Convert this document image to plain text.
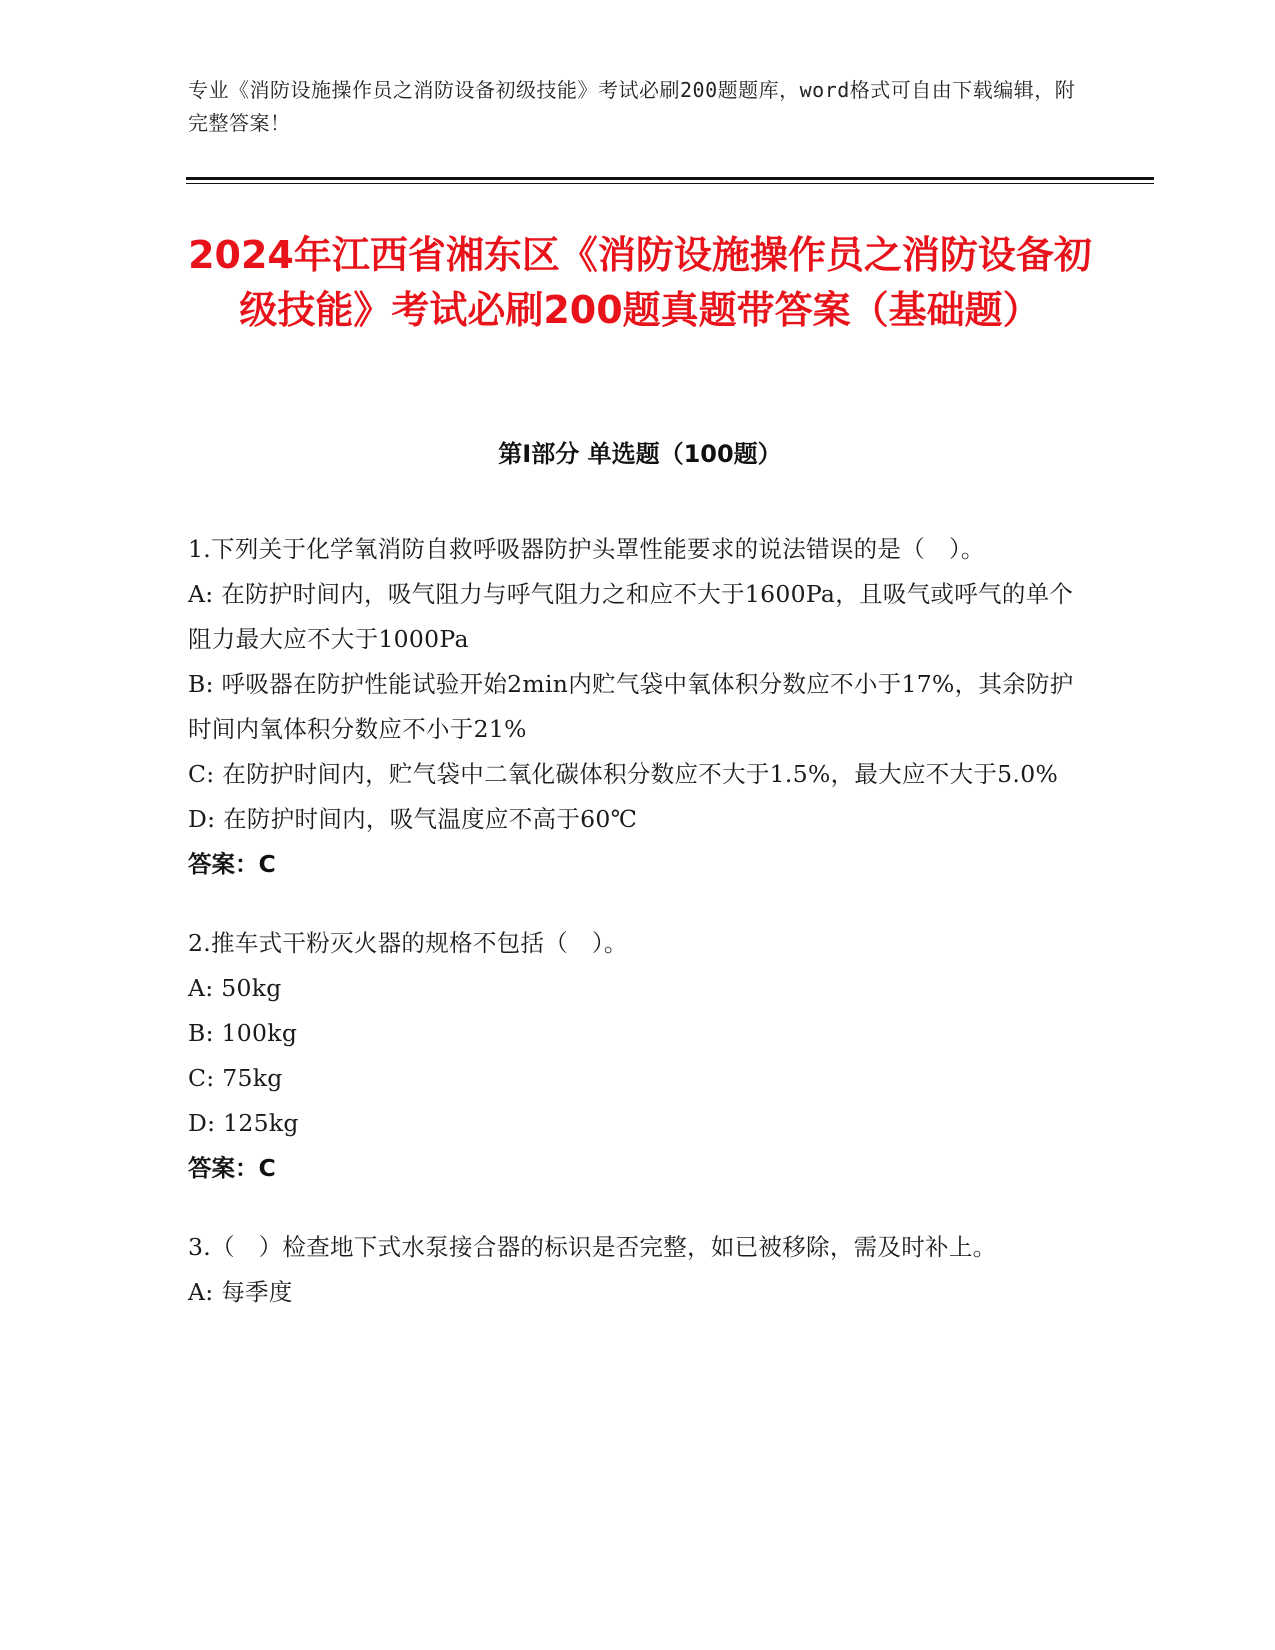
专业《消防设施操作员之消防设备初级技能》考试必刷200题题库，word格式可自由下载编辑，附完整答案！
2024年江西省湘东区《消防设施操作员之消防设备初级技能》考试必刷200题真题带答案（基础题）
第Ⅰ部分 单选题（100题）
1.下列关于化学氧消防自救呼吸器防护头罩性能要求的说法错误的是（　）。
A: 在防护时间内，吸气阻力与呼气阻力之和应不大于1600Pa，且吸气或呼气的单个阻力最大应不大于1000Pa
B: 呼吸器在防护性能试验开始2min内贮气袋中氧体积分数应不小于17%，其余防护时间内氧体积分数应不小于21%
C: 在防护时间内，贮气袋中二氧化碳体积分数应不大于1.5%，最大应不大于5.0%
D: 在防护时间内，吸气温度应不高于60℃
答案：C
2.推车式干粉灭火器的规格不包括（　）。
A: 50kg
B: 100kg
C: 75kg
D: 125kg
答案：C
3.（　）检查地下式水泵接合器的标识是否完整，如已被移除，需及时补上。
A: 每季度
